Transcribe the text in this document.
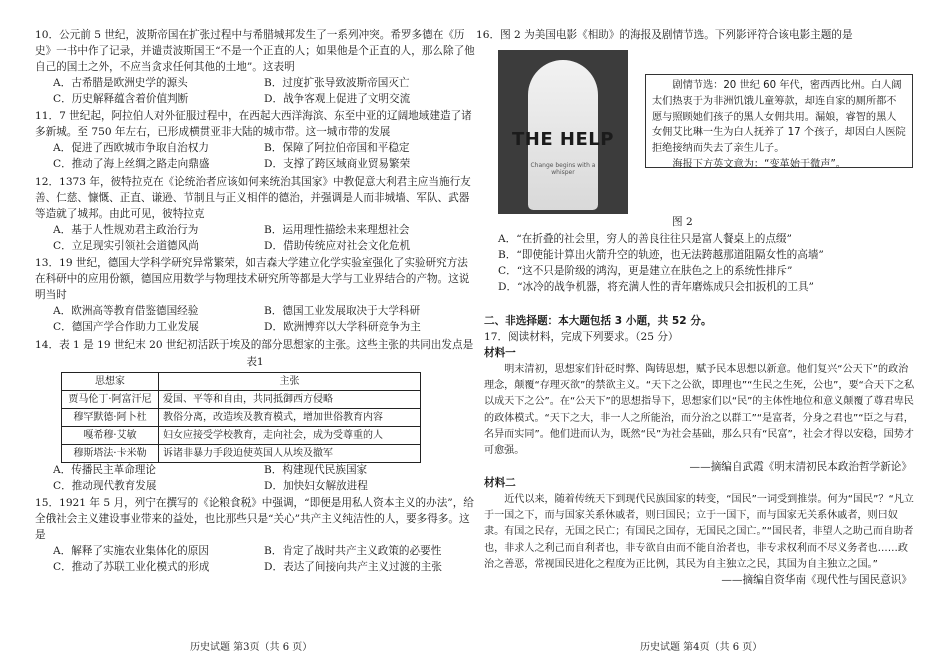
10．公元前 5 世纪，波斯帝国在扩张过程中与希腊城邦发生了一系列冲突。希罗多德在《历史》一书中作了记录，并谴责波斯国王“不是一个正直的人；如果他是个正直的人，那么除了他自己的国土之外，不应当贪求任何其他的土地”。这表明

A．古希腊是欧洲史学的源头	B．过度扩张导致波斯帝国灭亡
C．历史解释蕴含着价值判断	D．战争客观上促进了文明交流

11．7 世纪起，阿拉伯人对外征服过程中，在西起大西洋海滨、东至中亚的辽阔地域建造了诸多新城。至 750 年左右，已形成横贯亚非大陆的城市带。这一城市带的发展

A．促进了西欧城市争取自治权力	B．保障了阿拉伯帝国和平稳定
C．推动了海上丝绸之路走向鼎盛	D．支撑了跨区域商业贸易繁荣

12．1373 年，彼特拉克在《论统治者应该如何来统治其国家》中教促意大利君主应当施行友善、仁慈、慷慨、正直、谦逊、节制且与正义相伴的德治，并强调是人而非城墙、军队、武器等造就了城邦。由此可见，彼特拉克

A．基于人性规劝君主政治行为	B．运用理性描绘未来理想社会
C．立足现实引领社会道德风尚	D．借助传统应对社会文化危机

13．19 世纪，德国大学科学研究异常繁荣，如吉森大学建立化学实验室强化了实验研究方法在科研中的应用份额，德国应用数学与物理技术研究所等都是大学与工业界结合的产物。这说明当时

A．欧洲高等教育借鉴德国经验	B．德国工业发展取决于大学科研
C．德国产学合作助力工业发展	D．欧洲博弈以大学科研竞争为主

14．表 1 是 19 世纪末 20 世纪初活跃于埃及的部分思想家的主张。这些主张的共同出发点是

表1

思想家	主张
贾马伦丁·阿富汗尼	爱国、平等和自由，共同抵御西方侵略
穆罕默德·阿卜杜	教俗分离，改造埃及教育模式，增加世俗教育内容
嘎希穆·艾敏	妇女应接受学校教育，走向社会，成为受尊重的人
穆斯塔法·卡米勒	诉诸非暴力手段迫使英国人从埃及撤军
A．传播民主革命理论	B．构建现代民族国家
C．推动现代教育发展	D．加快妇女解放进程

15．1921 年 5 月，列宁在撰写的《论粮食税》中强调，“即便是用私人资本主义的办法”，给全俄社会主义建设事业带来的益处，也比那些只是“关心”共产主义纯洁性的人，要多得多。这是

A．解释了实施农业集体化的原因	B．肯定了战时共产主义政策的必要性
C．推动了苏联工业化模式的形成	D．表达了间接向共产主义过渡的主张
历史试题 第3页（共 6 页）

16．图 2 为美国电影《相助》的海报及剧情节选。下列影评符合该电影主题的是

THE HELP
Change begins with a whisper

剧情节选：20 世纪 60 年代，密西西比州。白人阔太们热衷于为非洲饥饿儿童筹款，却连自家的厕所都不愿与照顾她们孩子的黑人女佣共用。漏娘，睿智的黑人女佣艾比琳一生为白人抚养了 17 个孩子，却因白人医院拒绝接纳而失去了亲生儿子。

海报下方英文意为：“变革始于微声”。

图 2

A．“在折叠的社会里，穷人的善良往往只是富人餐桌上的点缀”

B．“即使能计算出火箭升空的轨迹，也无法跨越那道阻隔女性的高墙”

C．“这不只是阶级的鸿沟，更是建立在肤色之上的系统性排斥”

D．“冰冷的战争机器，将充满人性的青年磨炼成只会扣扳机的工具”

二、非选择题：本大题包括 3 小题，共 52 分。

17．阅读材料，完成下列要求。（25 分）

材料一

明末清初，思想家们针砭时弊、陶铸思想，赋予民本思想以新意。他们复兴“公天下”的政治理念，颠覆“存理灭欲”的禁欲主义。“天下之公欲，即理也”“生民之生死，公也”，要“合天下之私以成天下之公”。在“公天下”的思想指导下，思想家们以“民”的主体性地位和意义颠覆了尊君卑民的政体模式。“天下之大，非一人之所能治，而分治之以群工”“是富者，分身之君也”“臣之与君，名异而实同”。他们进而认为，既然“民”为社会基础，那么只有“民富”，社会才得以安稳，国势才可愈强。

——摘编自武霞《明末清初民本政治哲学新论》

材料二

近代以来，随着传统天下到现代民族国家的转变，“国民”一词受到推崇。何为“国民”？“凡立于一国之下，而与国家关系休戚者，则曰国民；立于一国下，而与国家无关系休戚者，则曰奴隶。有国之民存，无国之民亡；有国民之国存，无国民之国亡。”“国民者，非望人之助己而自助者也，非求人之利己而自利者也，非专欲自由而不能自治者也，非专求权利而不尽义务者也……政治之善恶，常视国民进化之程度为正比例，其民为自主独立之民，其国为自主独立之国。”

——摘编自资华南《现代性与国民意识》

历史试题 第4页（共 6 页）
